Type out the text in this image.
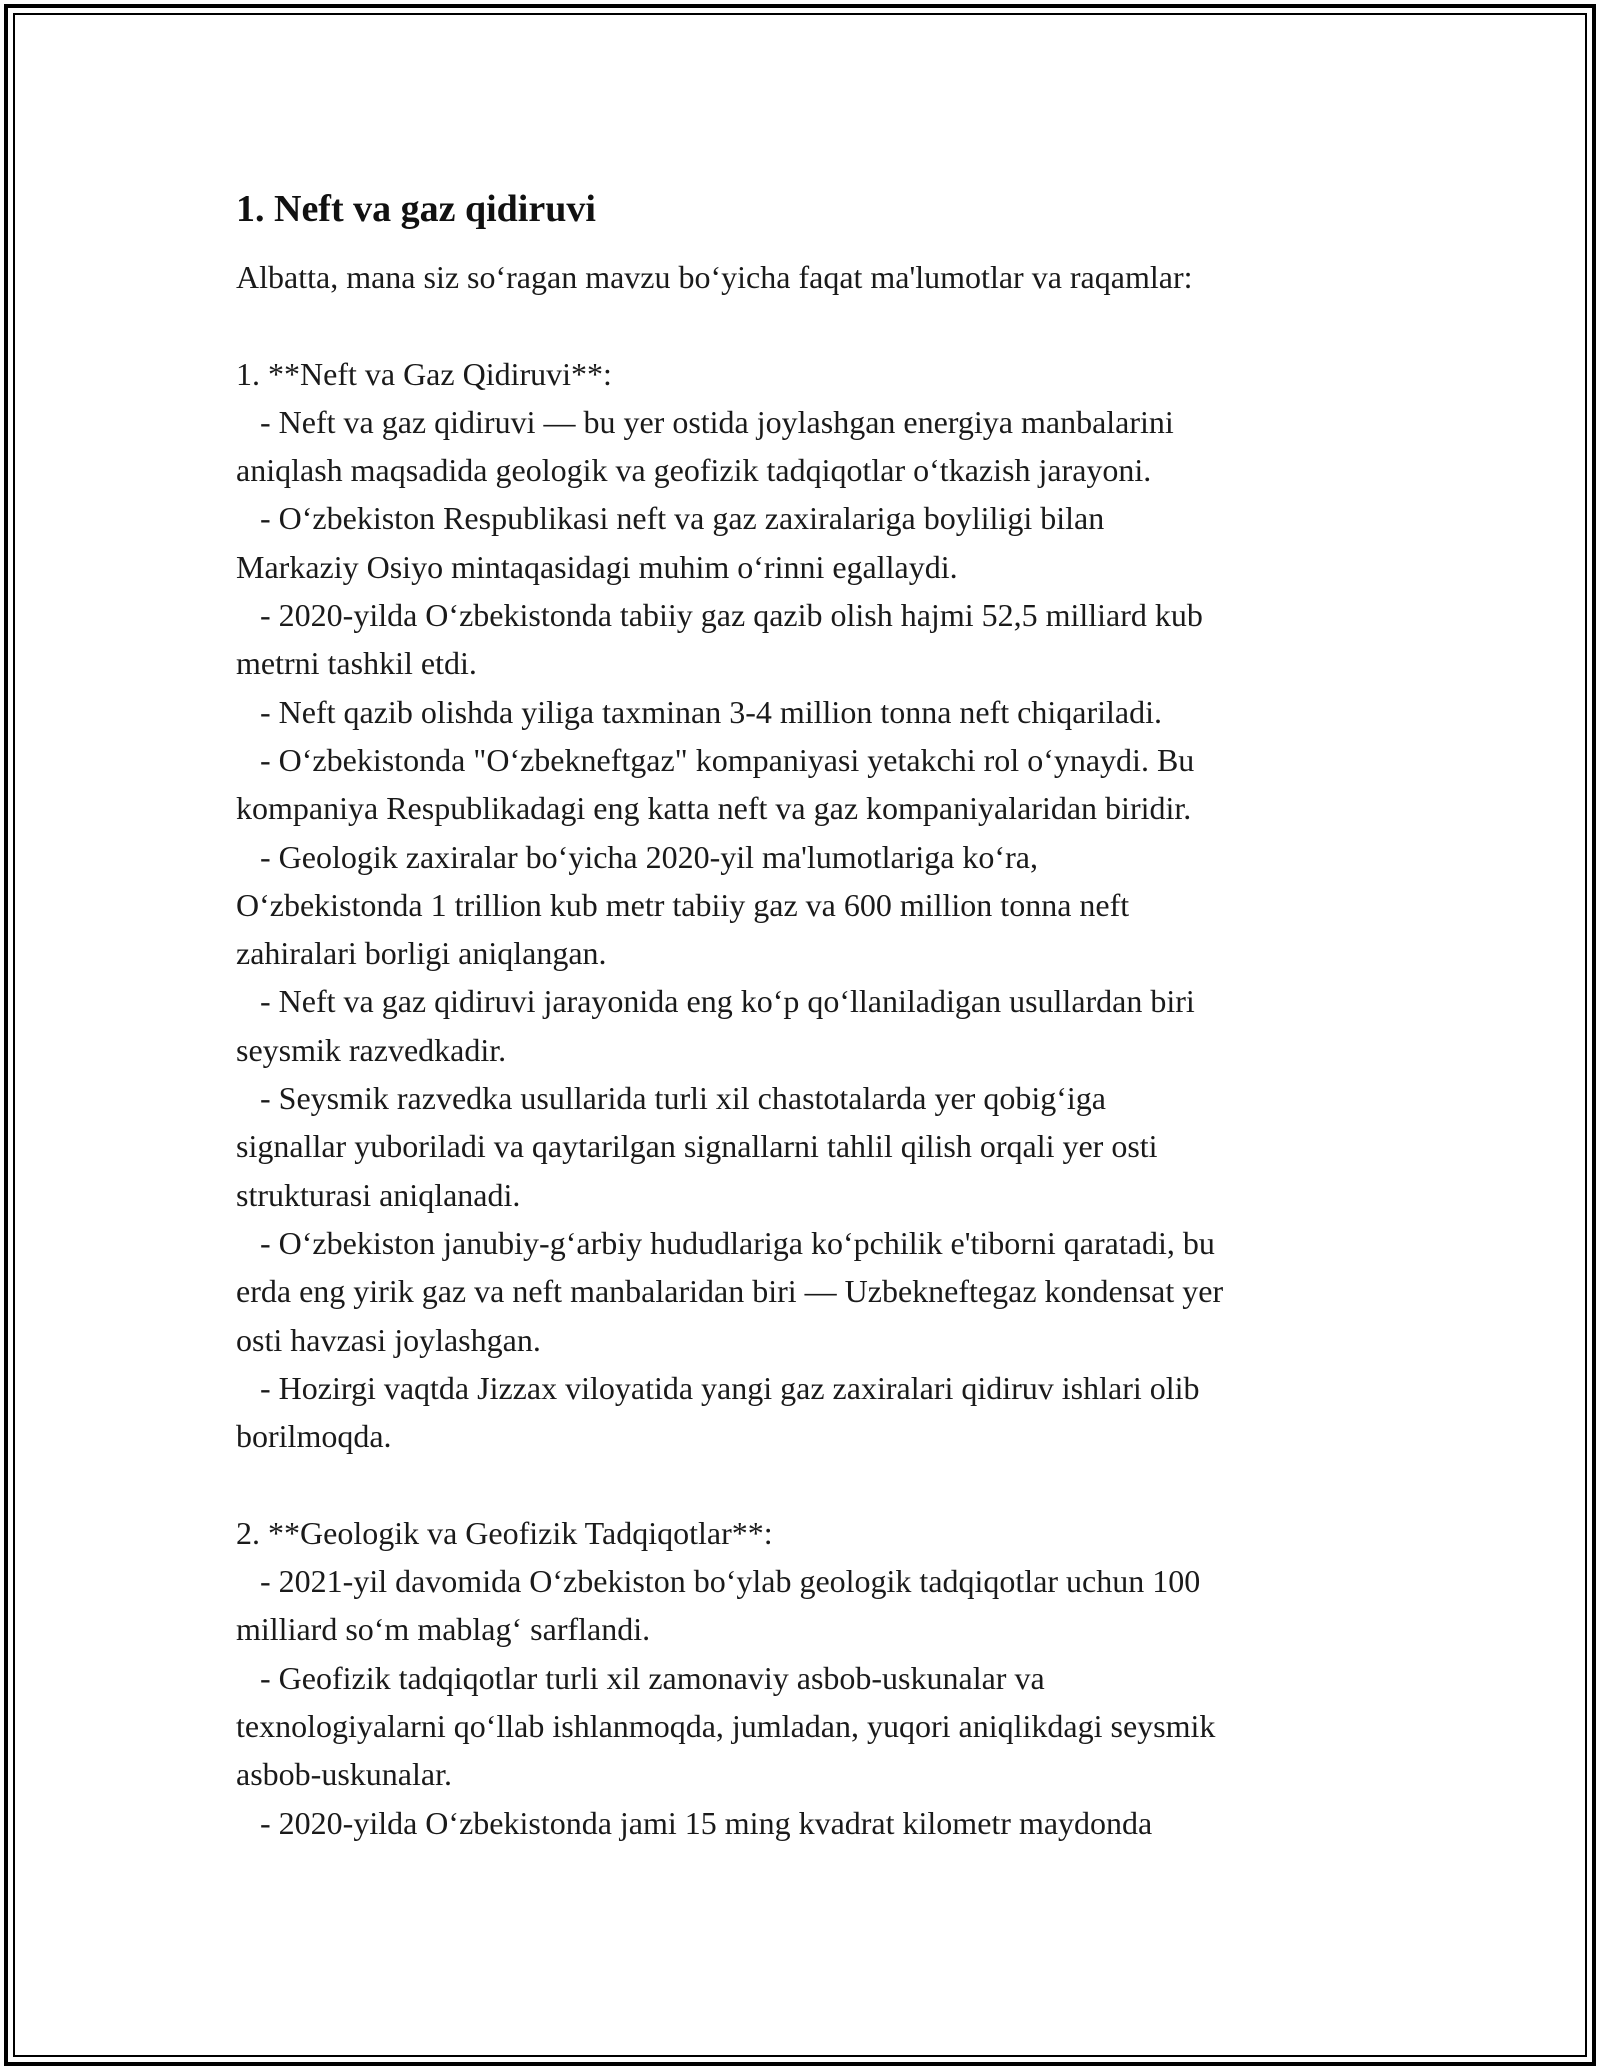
1. Neft va gaz qidiruvi
Albatta, mana siz so‘ragan mavzu bo‘yicha faqat ma'lumotlar va raqamlar:
1. **Neft va Gaz Qidiruvi**:
- Neft va gaz qidiruvi — bu yer ostida joylashgan energiya manbalarini
aniqlash maqsadida geologik va geofizik tadqiqotlar o‘tkazish jarayoni.
- O‘zbekiston Respublikasi neft va gaz zaxiralariga boyliligi bilan
Markaziy Osiyo mintaqasidagi muhim o‘rinni egallaydi.
- 2020-yilda O‘zbekistonda tabiiy gaz qazib olish hajmi 52,5 milliard kub
metrni tashkil etdi.
- Neft qazib olishda yiliga taxminan 3-4 million tonna neft chiqariladi.
- O‘zbekistonda "O‘zbekneftgaz" kompaniyasi yetakchi rol o‘ynaydi. Bu
kompaniya Respublikadagi eng katta neft va gaz kompaniyalaridan biridir.
- Geologik zaxiralar bo‘yicha 2020-yil ma'lumotlariga ko‘ra,
O‘zbekistonda 1 trillion kub metr tabiiy gaz va 600 million tonna neft
zahiralari borligi aniqlangan.
- Neft va gaz qidiruvi jarayonida eng ko‘p qo‘llaniladigan usullardan biri
seysmik razvedkadir.
- Seysmik razvedka usullarida turli xil chastotalarda yer qobig‘iga
signallar yuboriladi va qaytarilgan signallarni tahlil qilish orqali yer osti
strukturasi aniqlanadi.
- O‘zbekiston janubiy-g‘arbiy hududlariga ko‘pchilik e'tiborni qaratadi, bu
erda eng yirik gaz va neft manbalaridan biri — Uzbekneftegaz kondensat yer
osti havzasi joylashgan.
- Hozirgi vaqtda Jizzax viloyatida yangi gaz zaxiralari qidiruv ishlari olib
borilmoqda.
2. **Geologik va Geofizik Tadqiqotlar**:
- 2021-yil davomida O‘zbekiston bo‘ylab geologik tadqiqotlar uchun 100
milliard so‘m mablag‘ sarflandi.
- Geofizik tadqiqotlar turli xil zamonaviy asbob-uskunalar va
texnologiyalarni qo‘llab ishlanmoqda, jumladan, yuqori aniqlikdagi seysmik
asbob-uskunalar.
- 2020-yilda O‘zbekistonda jami 15 ming kvadrat kilometr maydonda
